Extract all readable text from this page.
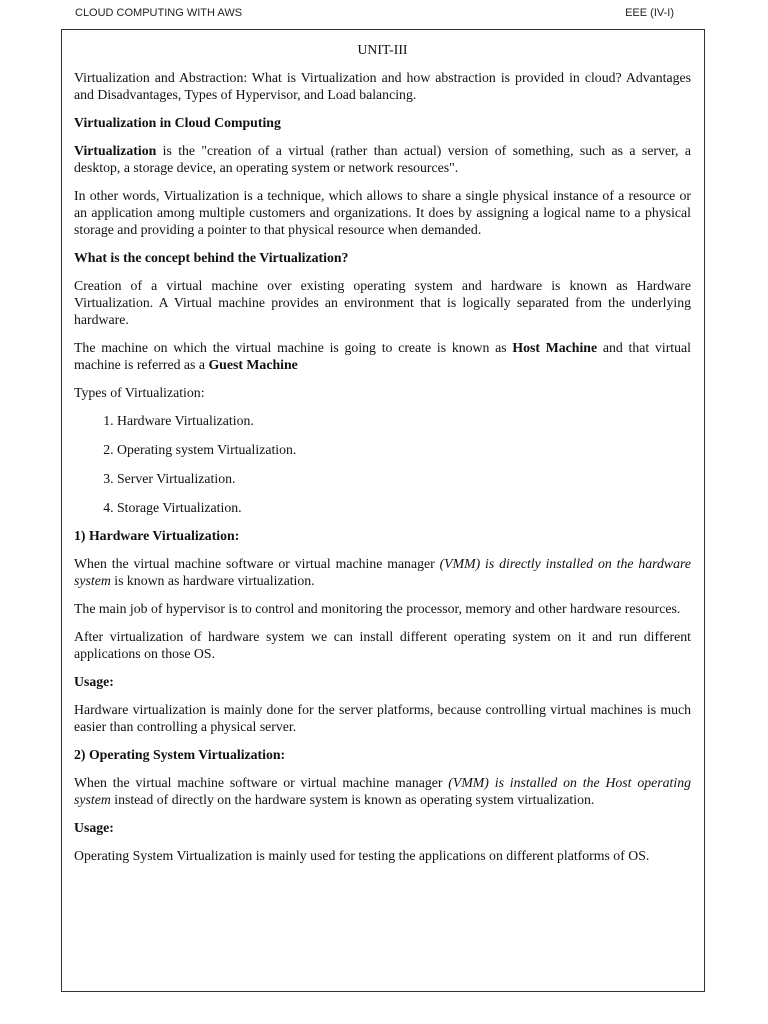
CLOUD COMPUTING WITH AWS	EEE (IV-I)

UNIT-III

Virtualization and Abstraction: What is Virtualization and how abstraction is provided in cloud? Advantages and Disadvantages, Types of Hypervisor, and Load balancing.

Virtualization in Cloud Computing

Virtualization is the "creation of a virtual (rather than actual) version of something, such as a server, a desktop, a storage device, an operating system or network resources".

In other words, Virtualization is a technique, which allows to share a single physical instance of a resource or an application among multiple customers and organizations. It does by assigning a logical name to a physical storage and providing a pointer to that physical resource when demanded.

What is the concept behind the Virtualization?

Creation of a virtual machine over existing operating system and hardware is known as Hardware Virtualization. A Virtual machine provides an environment that is logically separated from the underlying hardware.

The machine on which the virtual machine is going to create is known as Host Machine and that virtual machine is referred as a Guest Machine

Types of Virtualization:

1. Hardware Virtualization.
2. Operating system Virtualization.
3. Server Virtualization.
4. Storage Virtualization.

1) Hardware Virtualization:

When the virtual machine software or virtual machine manager (VMM) is directly installed on the hardware system is known as hardware virtualization.

The main job of hypervisor is to control and monitoring the processor, memory and other hardware resources.

After virtualization of hardware system we can install different operating system on it and run different applications on those OS.

Usage:

Hardware virtualization is mainly done for the server platforms, because controlling virtual machines is much easier than controlling a physical server.

2) Operating System Virtualization:

When the virtual machine software or virtual machine manager (VMM) is installed on the Host operating system instead of directly on the hardware system is known as operating system virtualization.

Usage:

Operating System Virtualization is mainly used for testing the applications on different platforms of OS.
